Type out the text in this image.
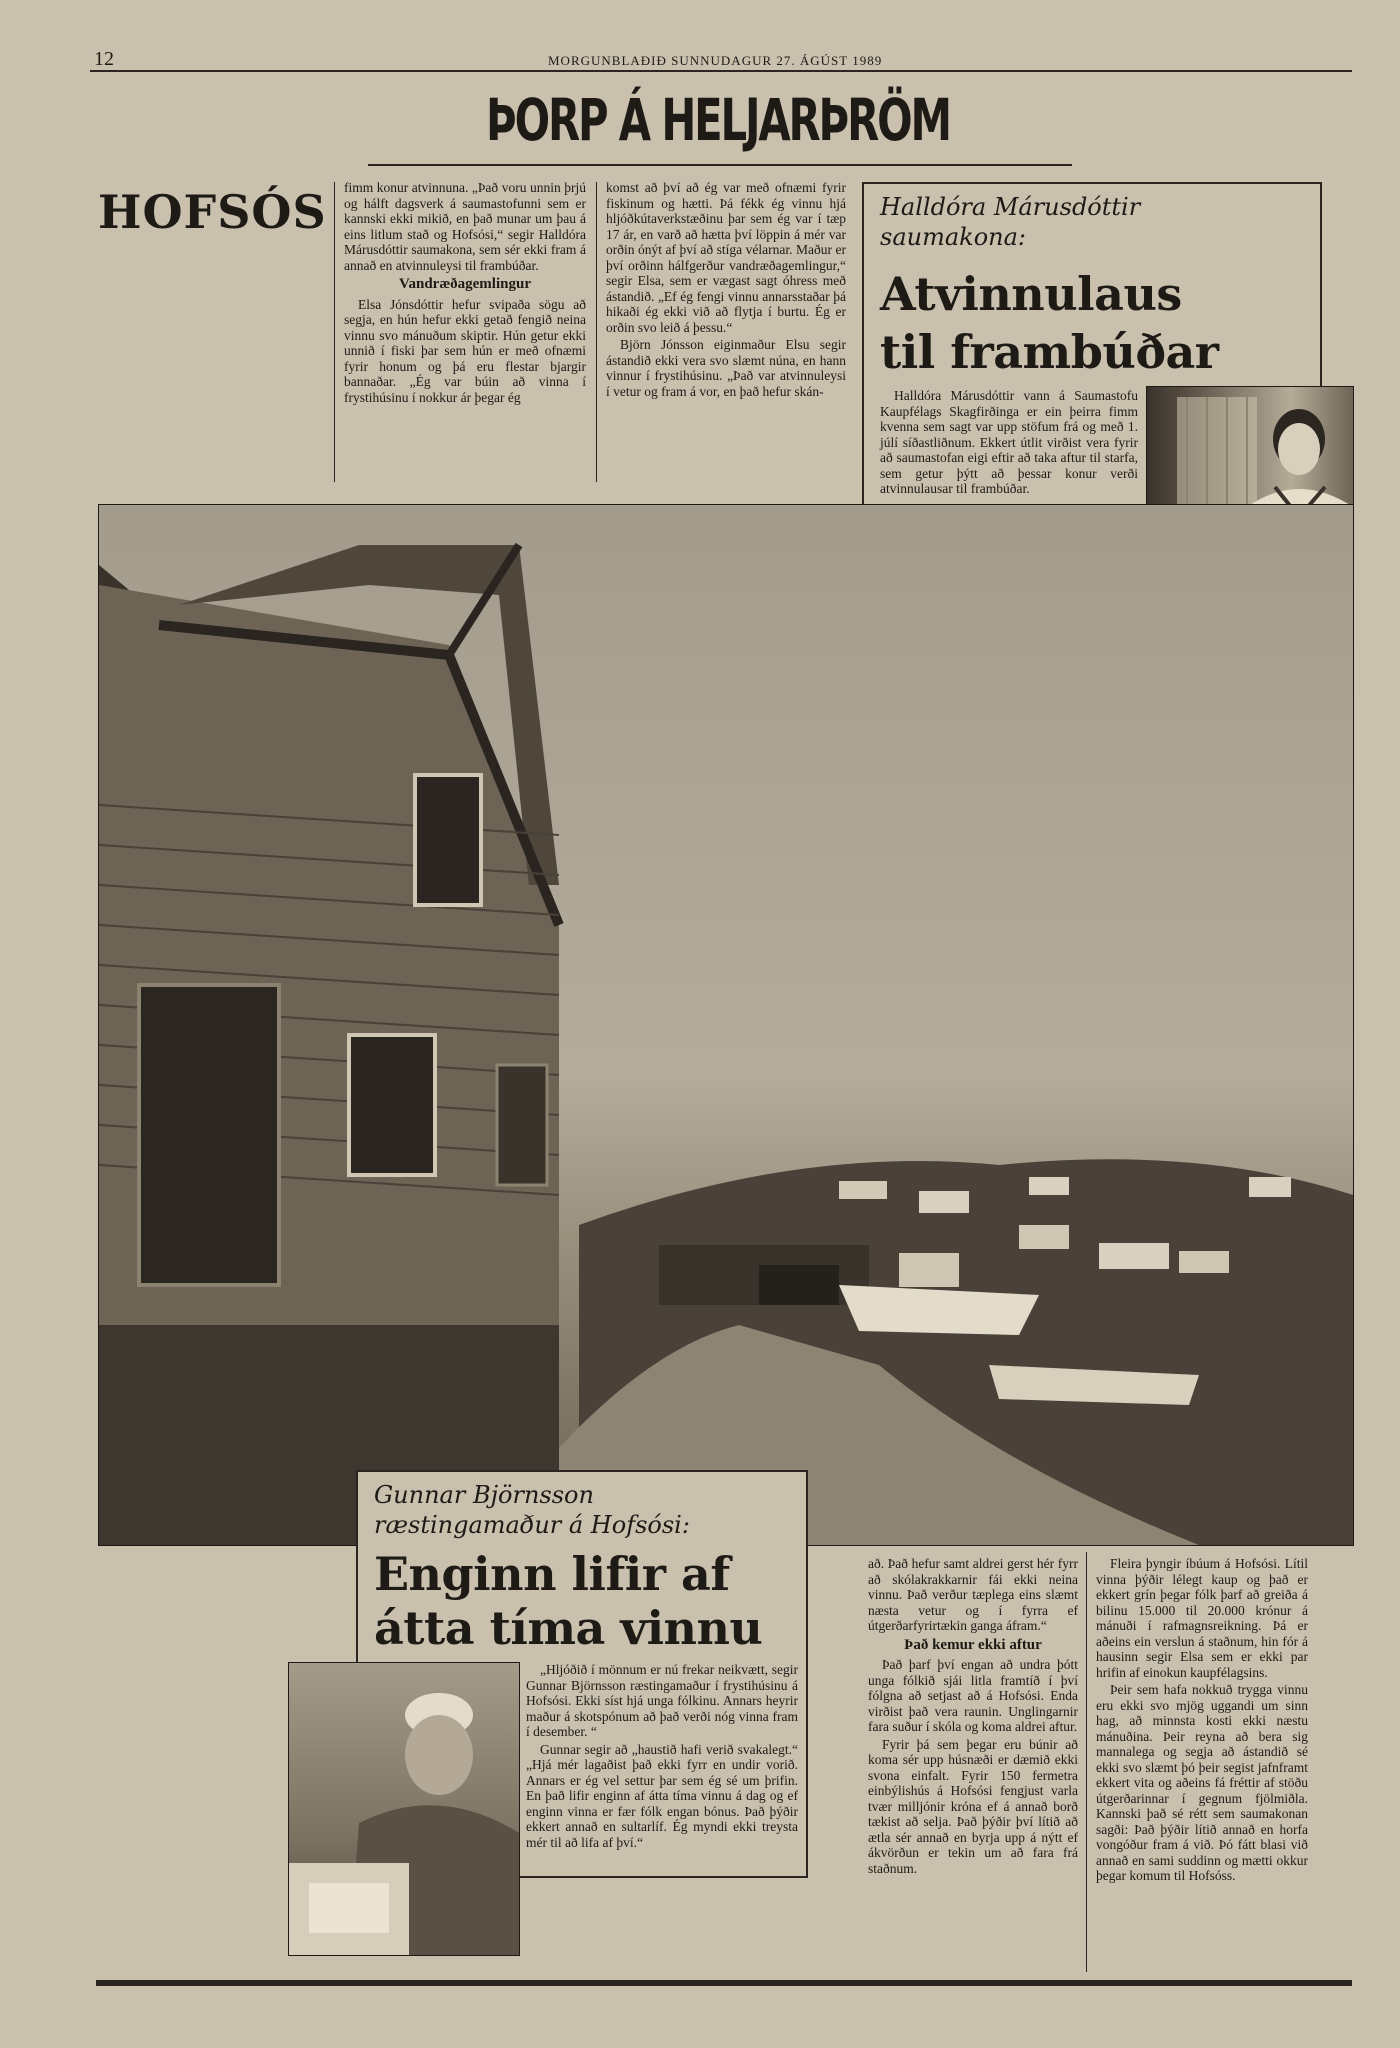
12	MORGUNBLAÐIÐ SUNNUDAGUR 27. ÁGÚST 1989
ÞORP Á HELJARÞRÖM
HOFSÓS fimm konur atvinnuna. „Það voru unnin þrjú og hálft dagsverk á saumastofunni sem er kannski ekki mikið, en það munar um þau á eins litlum stað og Hofsósi,“ segir Halldóra Márusdóttir saumakona, sem sér ekki fram á annað en atvinnuleysi til frambúðar.

Vandræðagemlingur

Elsa Jónsdóttir hefur svipaða sögu að segja, en hún hefur ekki getað fengið neina vinnu svo mánuðum skiptir. Hún getur ekki unnið í fiski þar sem hún er með ofnæmi fyrir honum og þá eru flestar bjargir bannaðar. „Ég var búin að vinna í frystihúsinu í nokkur ár þegar ég

komst að því að ég var með ofnæmi fyrir fiskinum og hætti. Þá fékk ég vinnu hjá hljóðkútaverkstæðinu þar sem ég var í tæp 17 ár, en varð að hætta því löppin á mér var orðin ónýt af því að stíga vélarnar. Maður er því orðinn hálfgerður vandræðagemlingur,“ segir Elsa, sem er vægast sagt óhress með ástandið. „Ef ég fengi vinnu annarsstaðar þá hikaði ég ekki við að flytja í burtu. Ég er orðin svo leið á þessu.“

Björn Jónsson eiginmaður Elsu segir ástandið ekki vera svo slæmt núna, en hann vinnur í frystihúsinu. „Það var atvinnuleysi í vetur og fram á vor, en það hefur skán-

Halldóra Márusdóttir
saumakona:
Atvinnulaus
til frambúðar

Halldóra Márusdóttir vann á Saumastofu Kaupfélags Skagfirðinga er ein þeirra fimm kvenna sem sagt var upp stöfum frá og með 1. júlí síðastliðnum. Ekkert útlit virðist vera fyrir að saumastofan eigi eftir að taka aftur til starfa, sem getur þýtt að þessar konur verði atvinnulausar til frambúðar.

Gunnar Björnsson
ræstingamaður á Hofsósi:
Enginn lifir af
átta tíma vinnu

„Hljóðið í mönnum er nú frekar neikvætt, segir Gunnar Björnsson ræstingamaður í frystihúsinu á Hofsósi. Ekki síst hjá unga fólkinu. Annars heyrir maður á skotspónum að það verði nóg vinna fram í desember. “

Gunnar segir að „haustið hafi verið svakalegt.“ „Hjá mér lagaðist það ekki fyrr en undir vorið. Annars er ég vel settur þar sem ég sé um þrifin. En það lifir enginn af átta tíma vinnu á dag og ef enginn vinna er fær fólk engan bónus. Það þýðir ekkert annað en sultarlíf. Ég myndi ekki treysta mér til að lifa af því.“

að. Það hefur samt aldrei gerst hér fyrr að skólakrakkarnir fái ekki neina vinnu. Það verður tæplega eins slæmt næsta vetur og í fyrra ef útgerðarfyrirtækin ganga áfram.“

Það kemur ekki aftur

Það þarf því engan að undra þótt unga fólkið sjái litla framtíð í því fólgna að setjast að á Hofsósi. Enda virðist það vera raunin. Unglingarnir fara suður í skóla og koma aldrei aftur.

Fyrir þá sem þegar eru búnir að koma sér upp húsnæði er dæmið ekki svona einfalt. Fyrir 150 fermetra einbýlishús á Hofsósi fengjust varla tvær milljónir króna ef á annað borð tækist að selja. Það þýðir því lítið að ætla sér annað en byrja upp á nýtt ef ákvörðun er tekin um að fara frá staðnum.

Fleira þyngir íbúum á Hofsósi. Lítil vinna þýðir lélegt kaup og það er ekkert grín þegar fólk þarf að greiða á bilinu 15.000 til 20.000 krónur á mánuði í rafmagnsreikning. Þá er aðeins ein verslun á staðnum, hin fór á hausinn segir Elsa sem er ekki par hrifin af einokun kaupfélagsins.

Þeir sem hafa nokkuð trygga vinnu eru ekki svo mjög uggandi um sinn hag, að minnsta kosti ekki næstu mánuðina. Þeir reyna að bera sig mannalega og segja að ástandið sé ekki svo slæmt þó þeir segist jafnframt ekkert vita og aðeins fá fréttir af stöðu útgerðarinnar í gegnum fjölmiðla. Kannski það sé rétt sem saumakonan sagði: Það þýðir lítið annað en horfa vongóður fram á við. Þó fátt blasi við annað en sami suddinn og mætti okkur þegar komum til Hofsóss.
